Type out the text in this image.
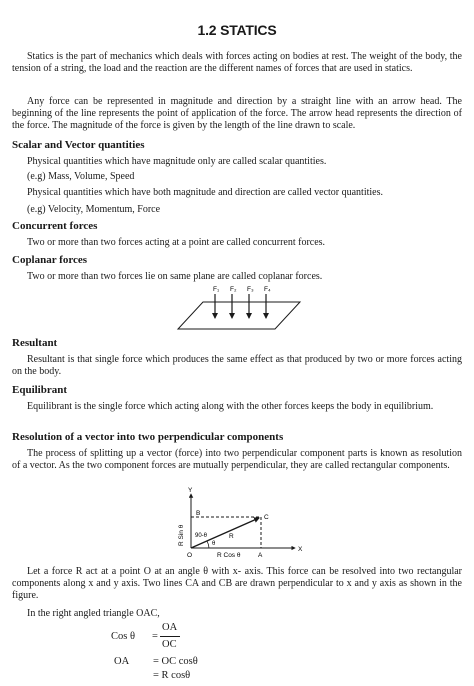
1.2 STATICS
Statics is the part of mechanics which deals with forces acting on bodies at rest. The weight of the body, the tension of a string, the load and the reaction are the different names of forces that are used in statics.
Any force can be represented in magnitude and direction by a straight line with an arrow head. The beginning of the line represents the point of application of the force. The arrow head represents the direction of the force. The magnitude of the force is given by the length of the line drawn to scale.
Scalar and Vector quantities
Physical quantities which have magnitude only are called scalar quantities.
(e.g) Mass, Volume, Speed
Physical quantities which have both magnitude and direction are called vector quantities.
(e.g) Velocity, Momentum, Force
Concurrent forces
Two or more than two forces acting at a point are called concurrent forces.
Coplanar forces
Two or more than two forces lie on same plane are called coplanar forces.
F₁ F₂ F₃ F₄
Resultant
Resultant is that single force which produces the same effect as that produced by two or more forces acting on the body.
Equilibrant
Equilibrant is the single force which acting along with the other forces keeps the body in equilibrium.
Resolution of a vector into two perpendicular components
The process of splitting up a vector (force) into two perpendicular component parts is known as resolution of a vector. As the two component forces are mutually perpendicular, they are called rectangular components.
Y
X
O	A
B
C
R
90-θ
θ
R Cos θ
R Sin θ
Let a force R act at a point O at an angle θ with x- axis. This force can be resolved into two rectangular components along x and y axis. Two lines CA and CB are drawn perpendicular to x and y axis as shown in the figure.
In the right angled triangle OAC,
Cos θ =
OA
OC
OA = OC cosθ
= R cosθ
